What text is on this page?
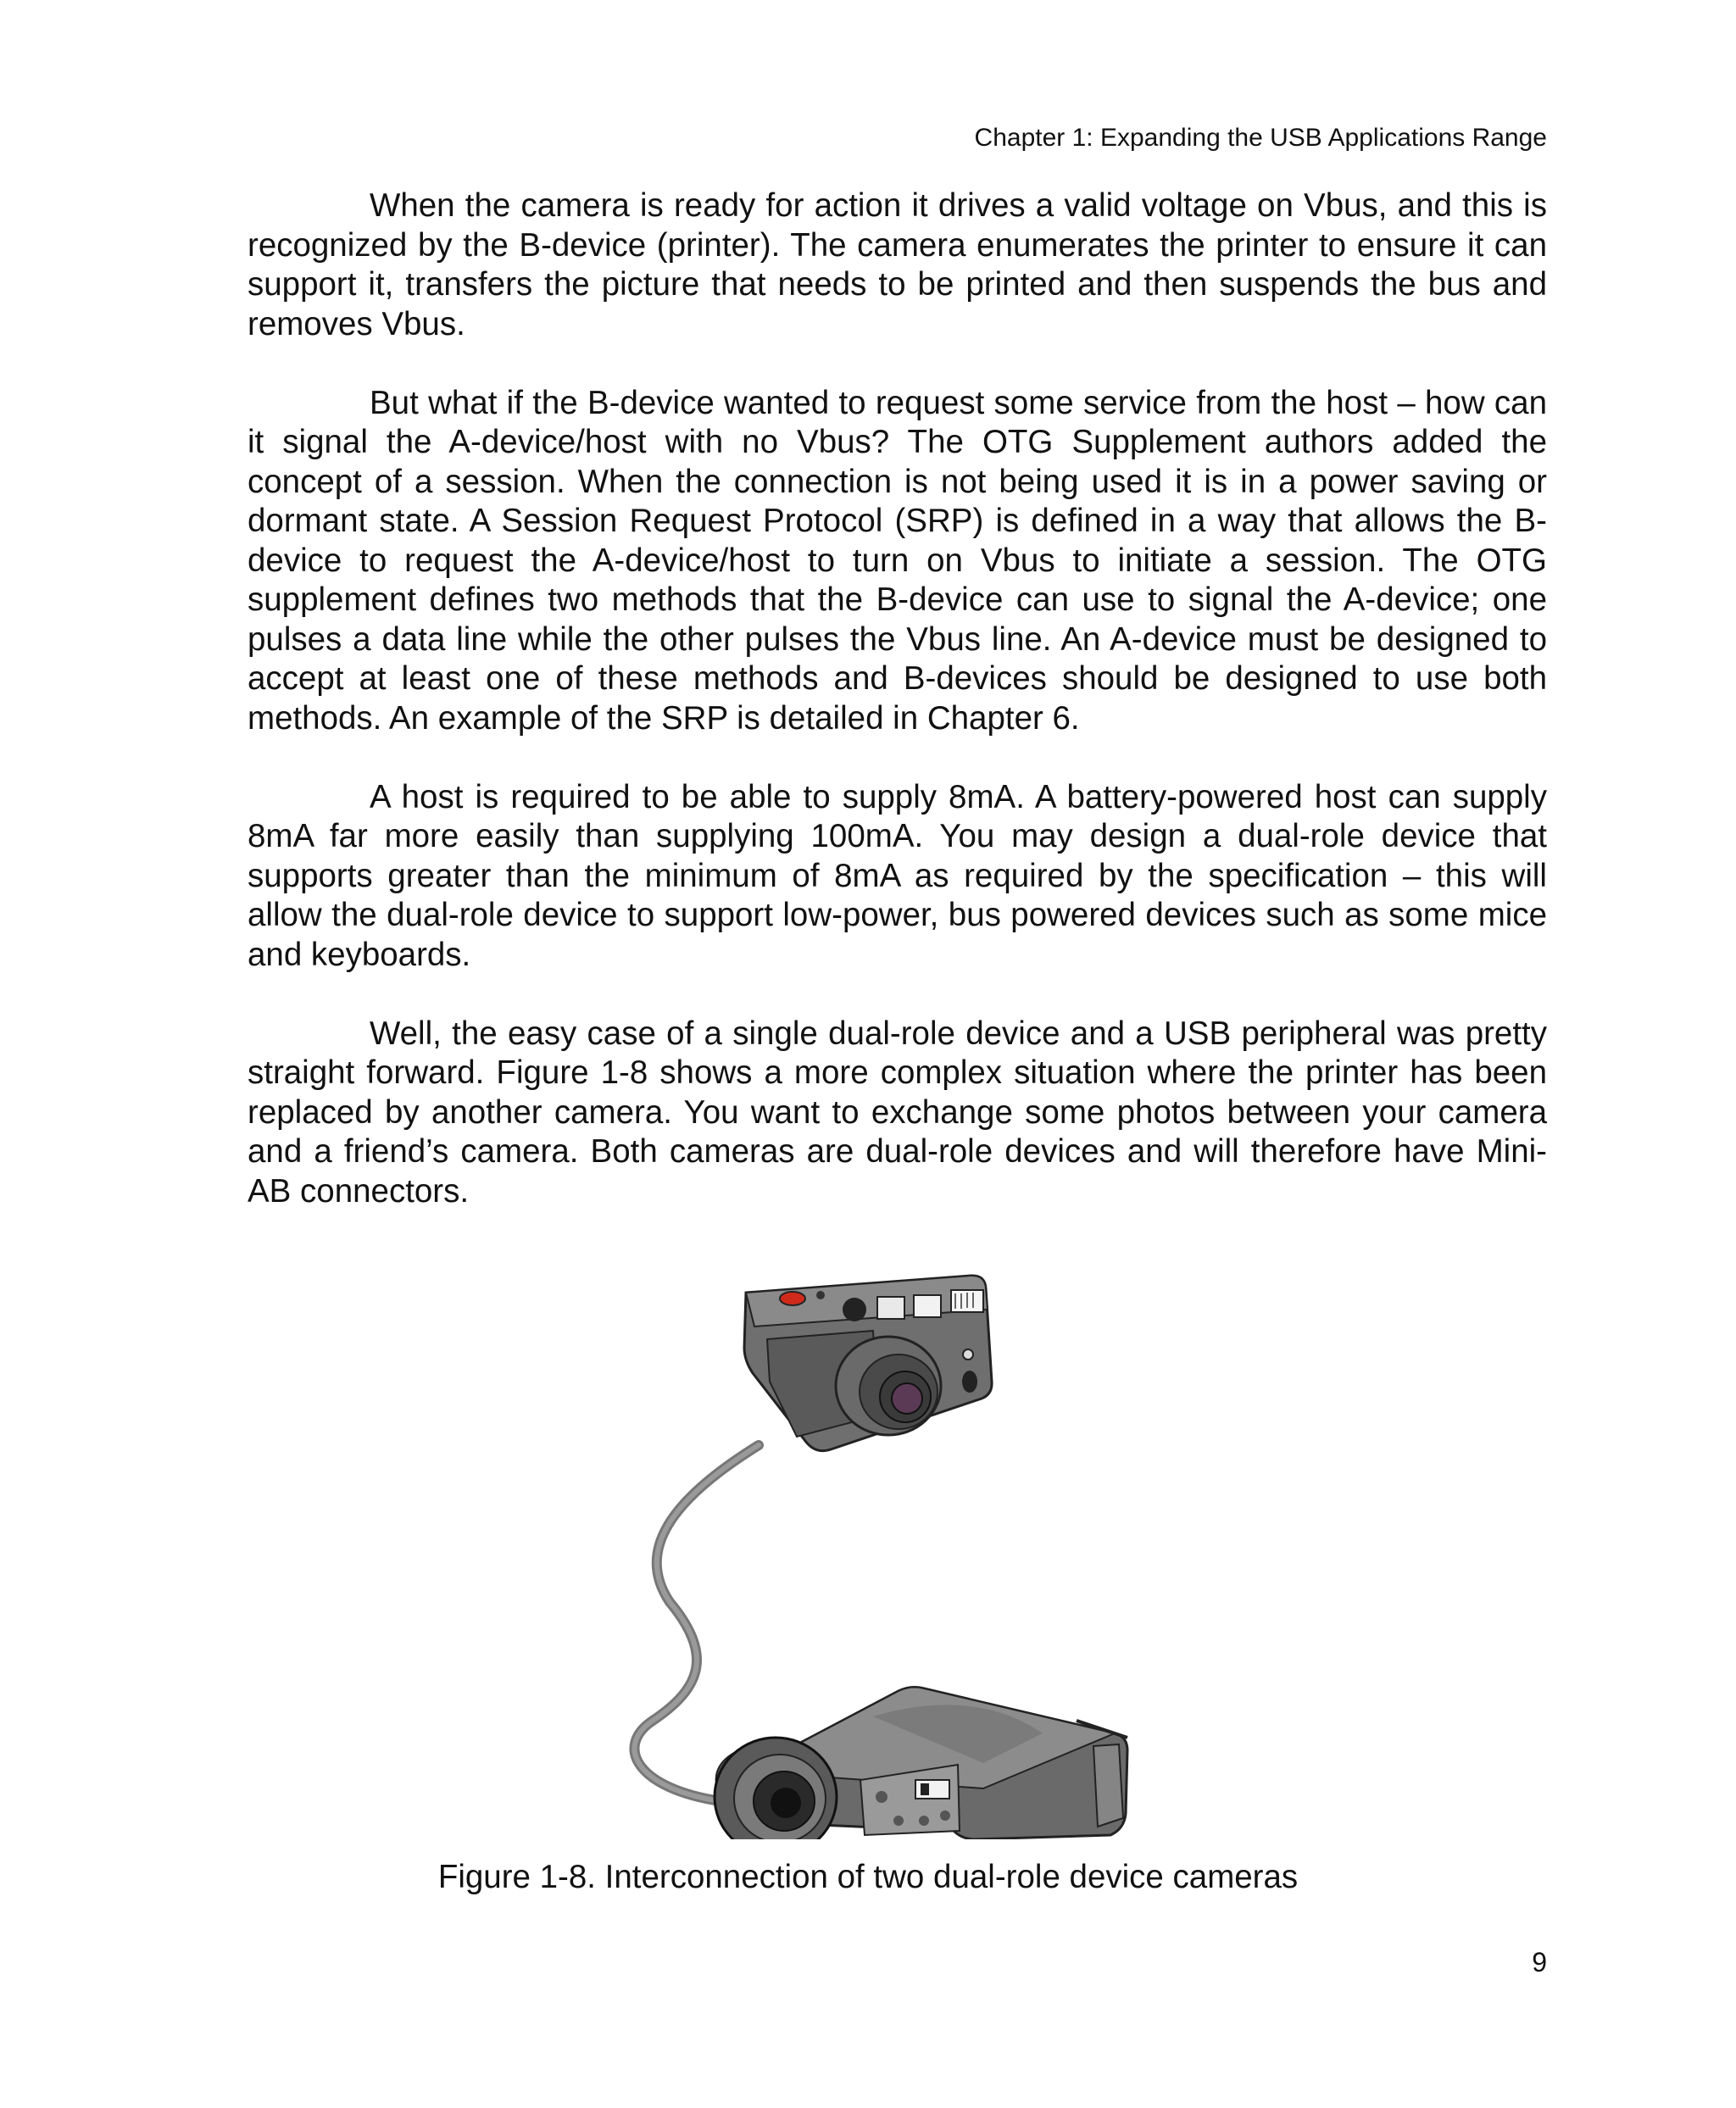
Chapter 1: Expanding the USB Applications Range

When the camera is ready for action it drives a valid voltage on Vbus, and this is recognized by the B-device (printer). The camera enumerates the printer to ensure it can support it, transfers the picture that needs to be printed and then suspends the bus and removes Vbus.

But what if the B-device wanted to request some service from the host – how can it signal the A-device/host with no Vbus? The OTG Supplement authors added the concept of a session. When the connection is not being used it is in a power saving or dormant state. A Session Request Protocol (SRP) is defined in a way that allows the B-device to request the A-device/host to turn on Vbus to initiate a session. The OTG supplement defines two methods that the B-device can use to signal the A-device; one pulses a data line while the other pulses the Vbus line. An A-device must be designed to accept at least one of these methods and B-devices should be designed to use both methods. An example of the SRP is detailed in Chapter 6.

A host is required to be able to supply 8mA. A battery-powered host can supply 8mA far more easily than supplying 100mA. You may design a dual-role device that supports greater than the minimum of 8mA as required by the specification – this will allow the dual-role device to support low-power, bus powered devices such as some mice and keyboards.

Well, the easy case of a single dual-role device and a USB peripheral was pretty straight forward. Figure 1-8 shows a more complex situation where the printer has been replaced by another camera. You want to exchange some photos between your camera and a friend’s camera. Both cameras are dual-role devices and will therefore have Mini-AB connectors.

Figure 1-8. Interconnection of two dual-role device cameras
9
